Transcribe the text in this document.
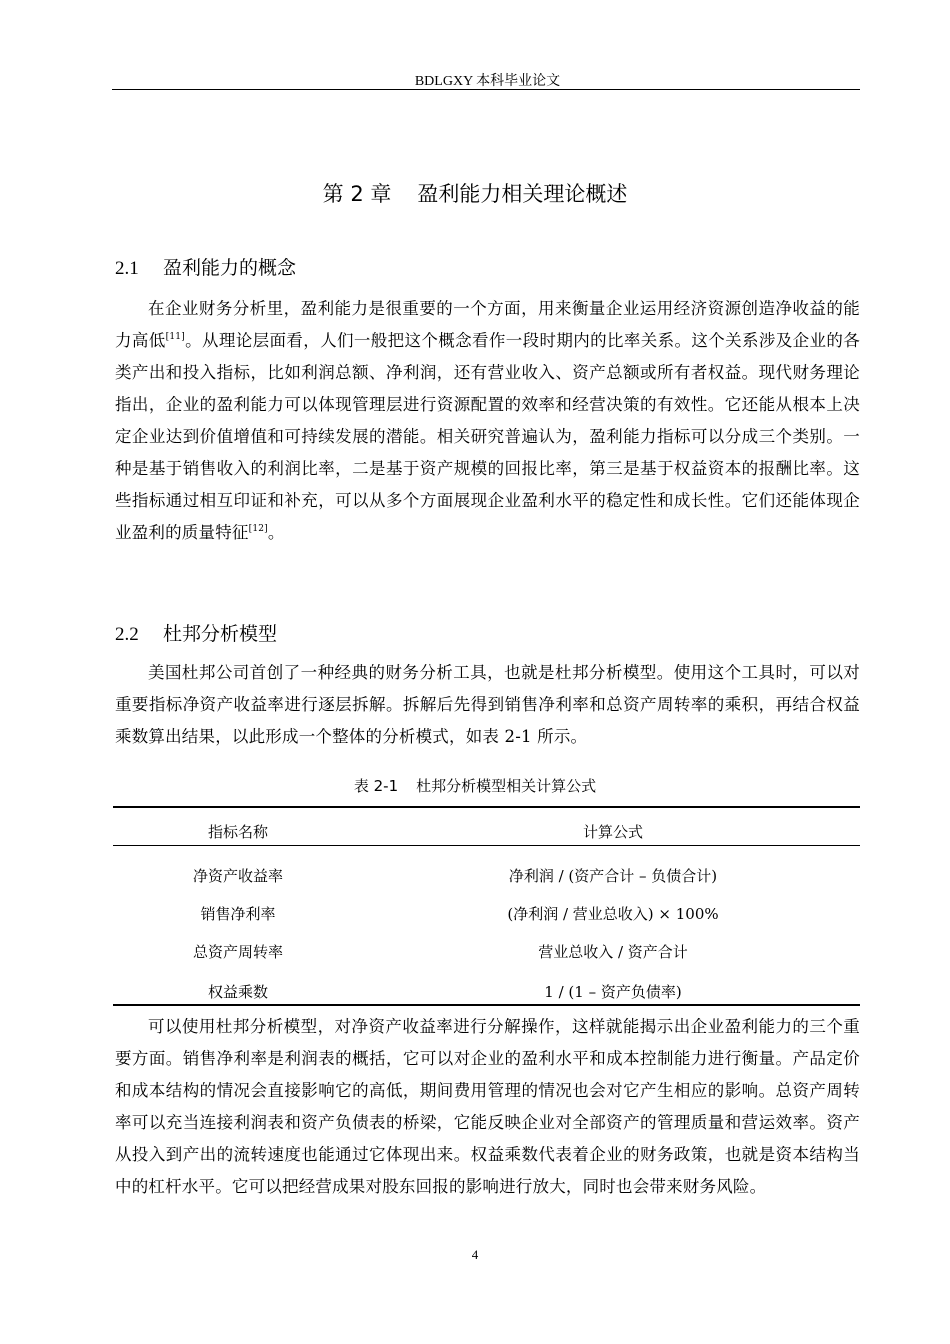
BDLGXY 本科毕业论文
第 2 章 盈利能力相关理论概述
2.1 盈利能力的概念

在企业财务分析里，盈利能力是很重要的一个方面，用来衡量企业运用经济资源创造净收益的能力高低[11]。从理论层面看，人们一般把这个概念看作一段时期内的比率关系。这个关系涉及企业的各类产出和投入指标，比如利润总额、净利润，还有营业收入、资产总额或所有者权益。现代财务理论指出，企业的盈利能力可以体现管理层进行资源配置的效率和经营决策的有效性。它还能从根本上决定企业达到价值增值和可持续发展的潜能。相关研究普遍认为，盈利能力指标可以分成三个类别。一种是基于销售收入的利润比率，二是基于资产规模的回报比率，第三是基于权益资本的报酬比率。这些指标通过相互印证和补充，可以从多个方面展现企业盈利水平的稳定性和成长性。它们还能体现企业盈利的质量特征[12]。

2.2 杜邦分析模型

美国杜邦公司首创了一种经典的财务分析工具，也就是杜邦分析模型。使用这个工具时，可以对重要指标净资产收益率进行逐层拆解。拆解后先得到销售净利率和总资产周转率的乘积，再结合权益乘数算出结果，以此形成一个整体的分析模式，如表 2-1 所示。

表 2-1 杜邦分析模型相关计算公式
指标名称	计算公式
净资产收益率	净利润 / (资产合计 – 负债合计)
销售净利率	(净利润 / 营业总收入) × 100%
总资产周转率	营业总收入 / 资产合计
权益乘数	1 / (1 – 资产负债率)

可以使用杜邦分析模型，对净资产收益率进行分解操作，这样就能揭示出企业盈利能力的三个重要方面。销售净利率是利润表的概括，它可以对企业的盈利水平和成本控制能力进行衡量。产品定价和成本结构的情况会直接影响它的高低，期间费用管理的情况也会对它产生相应的影响。总资产周转率可以充当连接利润表和资产负债表的桥梁，它能反映企业对全部资产的管理质量和营运效率。资产从投入到产出的流转速度也能通过它体现出来。权益乘数代表着企业的财务政策，也就是资本结构当中的杠杆水平。它可以把经营成果对股东回报的影响进行放大，同时也会带来财务风险。

4
